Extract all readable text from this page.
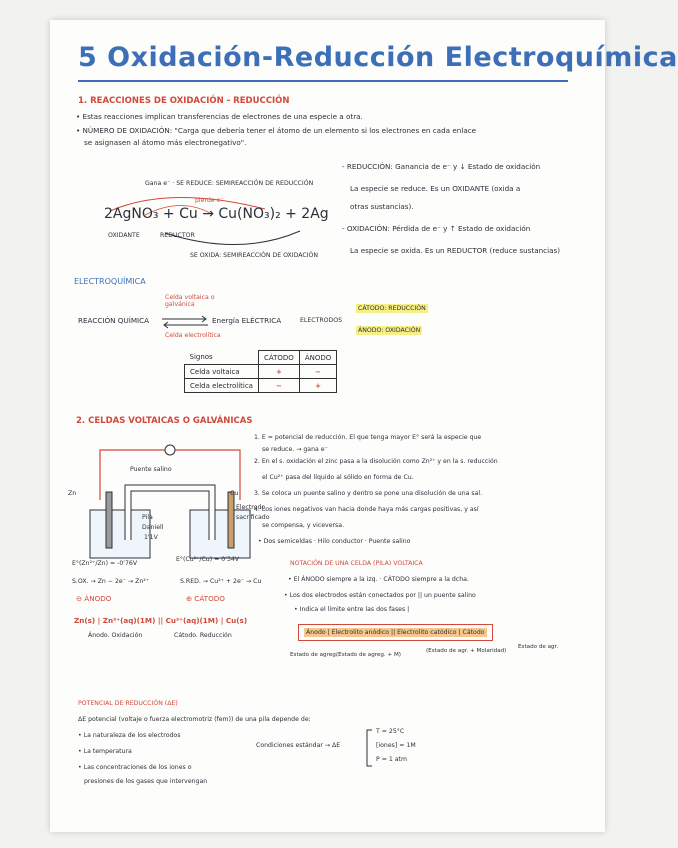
5 Oxidación-Reducción Electroquímica
1. REACCIONES DE OXIDACIÓN - REDUCCIÓN
• Estas reacciones implican transferencias de electrones de una especie a otra.
• NÚMERO DE OXIDACIÓN: "Carga que debería tener el átomo de un elemento si los electrones en cada enlace
se asignasen al átomo más electronegativo".
Gana e⁻ · SE REDUCE: SEMIREACCIÓN DE REDUCCIÓN
pierde e⁻
2AgNO₃ + Cu → Cu(NO₃)₂ + 2Ag
OXIDANTE	REDUCTOR
SE OXIDA: SEMIREACCIÓN DE OXIDACIÓN
- REDUCCIÓN: Ganancia de e⁻ y ↓ Estado de oxidación
La especie se reduce. Es un OXIDANTE (oxida a
otras sustancias).
- OXIDACIÓN: Pérdida de e⁻ y ↑ Estado de oxidación
La especie se oxida. Es un REDUCTOR (reduce sustancias)
ELECTROQUÍMICA
Celda voltaica o galvánica
Celda electrolítica
REACCIÓN QUÍMICA	Energía ELÉCTRICA	ELECTRODOS
CÁTODO: REDUCCIÓN
ÁNODO: OXIDACIÓN
Signos	CÁTODO	ÁNODO
Celda voltaica	+	−
Celda electrolítica	−	+
2. CELDAS VOLTAICAS O GALVÁNICAS
Puente salino
Zn	Cu
Pila
Daniell
1'1V
Electrodo
sacrificado
E°(Zn²⁺/Zn) = -0'76V
E°(Cu²⁺/Cu) = 0'34V
S.OX. → Zn − 2e⁻ → Zn²⁺	S.RED. → Cu²⁺ + 2e⁻ → Cu
⊖ ÁNODO	⊕ CÁTODO
Zn(s) | Zn²⁺(aq)(1M) || Cu²⁺(aq)(1M) | Cu(s)
Ánodo. Oxidación	Cátodo. Reducción
1. E = potencial de reducción. El que tenga mayor E° será la especie que
se reduce. → gana e⁻
2. En el s. oxidación el zinc pasa a la disolución como Zn²⁺ y en la s. reducción
el Cu²⁺ pasa del líquido al sólido en forma de Cu.
3. Se coloca un puente salino y dentro se pone una disolución de una sal.
4. Los iones negativos van hacia donde haya más cargas positivas, y así
se compensa, y viceversa.
• Dos semiceldas · Hilo conductor · Puente salino
NOTACIÓN DE UNA CELDA (PILA) VOLTAICA
• El ÁNODO siempre a la izq. · CÁTODO siempre a la dcha.
• Los dos electrodos están conectados por || un puente salino
• Indica el límite entre las dos fases |
Ánodo | Electrolito anódico || Electrolito catódico | Cátodo
Estado de agreg.
(Estado de agreg. + M)
(Estado de agr. + Molaridad)
Estado de agr.
POTENCIAL DE REDUCCIÓN (ΔE)
ΔE potencial (voltaje o fuerza electromotriz (fem)) de una pila depende de:
• La naturaleza de los electrodos
• La temperatura
• Las concentraciones de los iones o
presiones de los gases que intervengan
Condiciones estándar → ΔE
T = 25°C
[iones] = 1M
P = 1 atm
